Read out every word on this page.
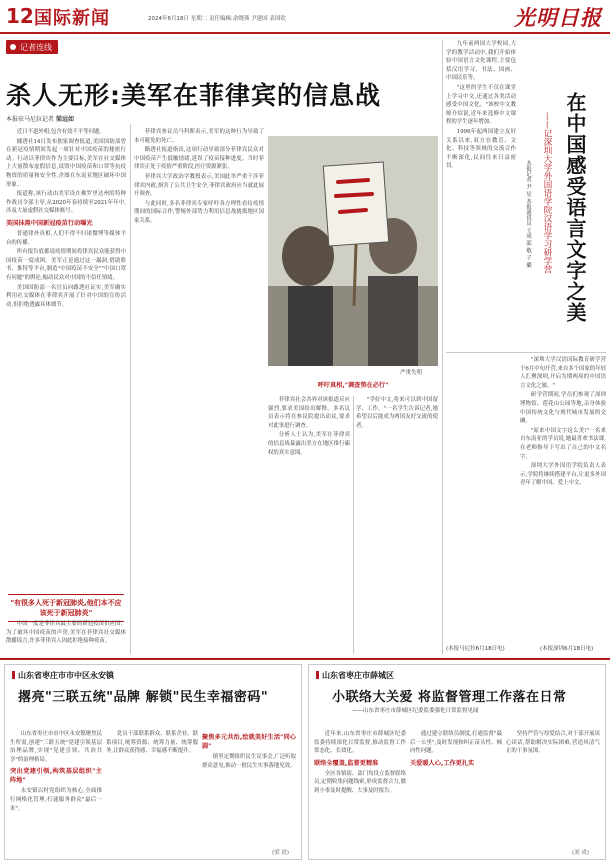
12 国际新闻	2024年6月18日 星期二 责任编辑:余晓葵 尹建国 表国钦	光明日报
记者连线
杀人无形:美军在菲律宾的信息战
本报驻马尼拉记者 梁远如

近日不道外相,包含有效不平等问题。

據透社14日发布独家调查报道,美国国防部曾在新冠疫情期间发起一项针对中国疫苗的秘密行动。行动以菲律宾作为主要目标,美军在社交媒体上大量散布虚假信息,诋毁中国疫苗和口罩等抗疫物资的质量和安全性,企图在东南亚地区破坏中国形象。

报道称,该行动由美军设在佛罗里达州的特种作战司令部主导,从2020年春持续至2021年年中,涉及大量虚假社交媒体账号。

美国抹黑中国新冠疫苗行动曝光

普通律外真相,人们不得不归诸微博等媒体平台的传播。

所有报告底都说疫情期间将律宾民众能获得中国疫苗一度成困。美军正是通过这一漏洞,借助脸书、推特等平台,制造"中国疫苗不安全""中国口罩有问题"的舆论,煽动民众对中国的不信任情绪。

美国国防部一名官员向路透社证实,美军确实利用社交媒体在菲律宾开展了针对中国的宣传活动,但拒绝透露具体细节。

"有很多人死于新冠肺炎,他们本不应该死于新冠肺炎"

中国一度是菲律宾最主要的新冠疫苗供应国。为了破坏中国疫苗的声誉,美军在菲律宾社交媒体散播谣言,许多菲律宾人因此拒绝接种疫苗。

菲律宾参议员马科斯表示,美军的这种行为导致了本可避免的死亡。

路透社报道指出,这项行动导致部分菲律宾民众对中国疫苗产生抵触情绪,延误了疫苗接种进度。当时菲律宾正处于疫情严重阶段,医疗资源紧张。

菲律宾大学政治学教授表示,美国此举严重干涉菲律宾内政,损害了公共卫生安全,菲律宾政府应当就此展开调查。

与此同时,多名菲律宾专家呼吁各方理性看待疫情期间的国际合作,警惕外部势力利用信息战挑拨地区国家关系。

严重失明
呼吁真相,"调查势在必行"

菲律宾社会各界对该报道反应强烈,要求美国给出解释。多名议员表示将在参议院提出动议,要求对此事进行调查。

分析人士认为,美军在菲律宾的信息战暴露出美方在地区推行霸权的真实意图。

"学好中文,将来可以到中国留学、工作。"一名学生告诉记者,她希望以后能成为两国友好交流的使者。

九年前两国大学校园,大学的教学活动中,我们开始体验中国语言文化课程,主要包括汉语学习、书法、国画、中国民乐等。

"这里的学生不仅在课堂上学习中文,还通过各类活动感受中国文化。"该校中文教师介绍说,近年来选修中文课程的学生逐年增加。

1996年起两国建立友好关系以来,双方在教育、文化、科技等领域的交流合作不断深化,民间往来日益密切。

(本报马尼拉6月18日电)
在中国感受语言文字之美
——记深圳大学外国语学院汉语学习研学营
本报记者 尹 星 本报通讯员 王成 邵 敬 子 璐

"深圳大学汉语国际教育研学营于6月中旬开营,来自多个国家的年轻人汇聚深圳,开启为期两周的中国语言文化之旅。"

研学营期间,学员们参观了深圳博物馆、莲花山公园等地,亲身体验中国传统文化与现代城市发展的交融。

"原来中国文字这么美!"一名来自东南亚的学员说,她最喜欢书法课,在老师指导下写出了自己的中文名字。

深圳大学外国语学院负责人表示,学院将继续搭建平台,让更多外国青年了解中国、爱上中文。

(本报深圳6月18日电)
山东省枣庄市市中区永安镇
撂亮"三联五统"品牌 解锁"民生幸福密码"

山东省枣庄市市中区永安镇聚焦民生所需,创建"三联五统"党建引领基层治理品牌,实现"党建引领、共治共享"的治理格局。

突出党建引领,构筑基层组织"主阵地"

永安镇以村党组织为核心,全面推行网格化管理,打通服务群众"最后一米"。

党员干部联系群众、联系企业、联系项目,统筹资源、统筹力量、统筹服务,让群众获得感、幸福感不断提升。

聚焦多元共治,绘就美好生活"同心圆"

镇里定期组织民生议事会,广泛听取群众意见,推动一批民生实事落地见效。

(梁 晨)
山东省枣庄市薛城区
小联络大关爱 将监督管理工作落在日常
——山东省枣庄市薛城区纪委监委强化日常监督见闻

近年来,山东省枣庄市薛城区纪委监委持续深化日常监督,推动监督工作常态化、长效化。

联络全覆盖,监督更精准

全区各镇街、部门均设立监督联络员,定期收集问题线索,形成监督合力,做到小事及时提醒、大事及时报告。

通过建立联络员制度,打通监督"最后一公里",及时发现和纠正苗头性、倾向性问题。

关爱暖人心,工作更扎实

坚持严管与厚爱结合,对干部开展谈心谈话,帮助解决实际困难,营造风清气正的干事氛围。

(刘 成)
